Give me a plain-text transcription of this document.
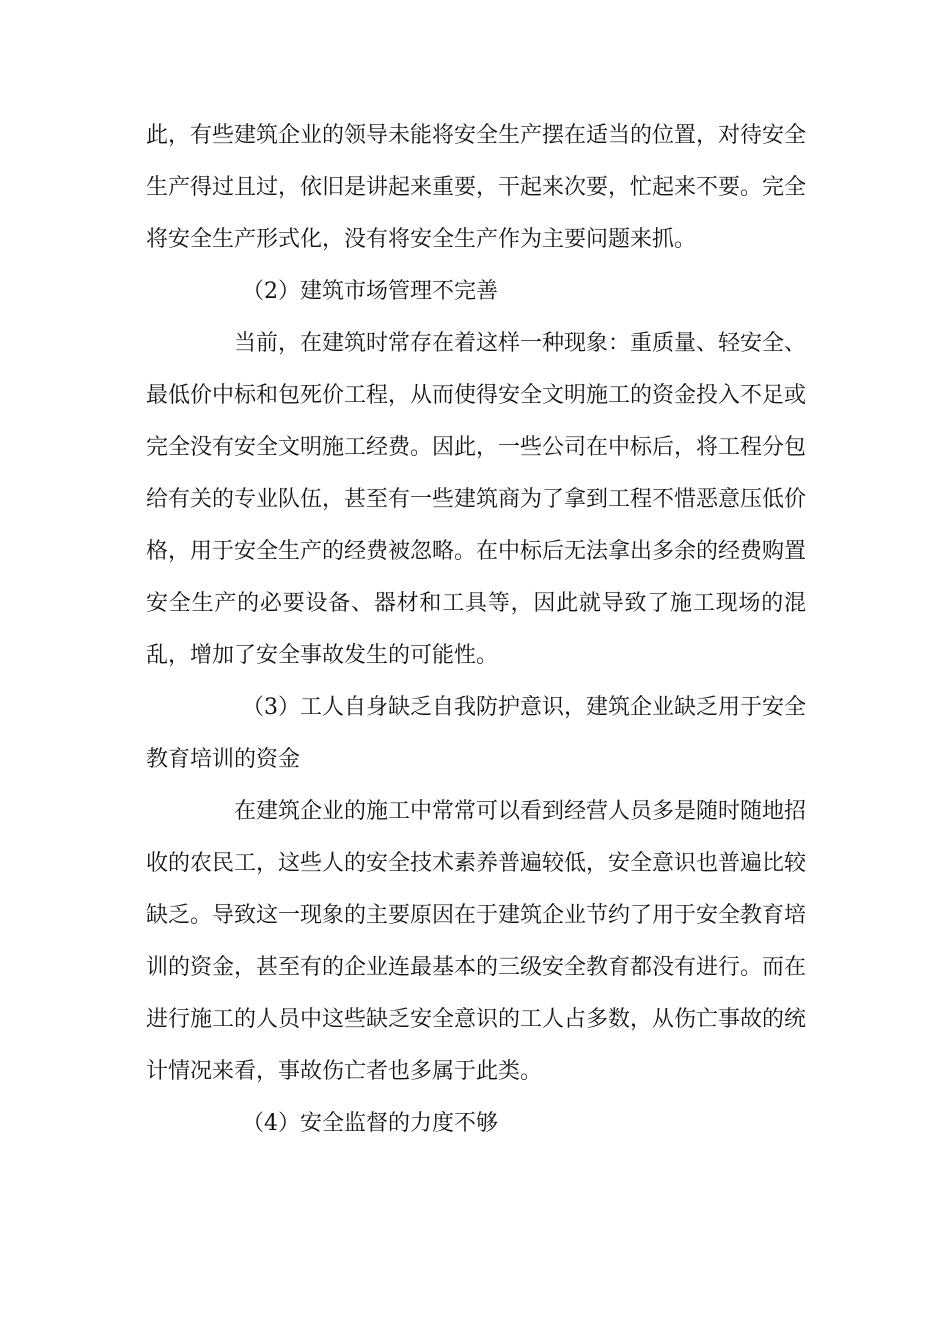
此，有些建筑企业的领导未能将安全生产摆在适当的位置，对待安全生产得过且过，依旧是讲起来重要，干起来次要，忙起来不要。完全将安全生产形式化，没有将安全生产作为主要问题来抓。

（2）建筑市场管理不完善

当前，在建筑时常存在着这样一种现象：重质量、轻安全、最低价中标和包死价工程，从而使得安全文明施工的资金投入不足或完全没有安全文明施工经费。因此，一些公司在中标后，将工程分包给有关的专业队伍，甚至有一些建筑商为了拿到工程不惜恶意压低价格，用于安全生产的经费被忽略。在中标后无法拿出多余的经费购置安全生产的必要设备、器材和工具等，因此就导致了施工现场的混乱，增加了安全事故发生的可能性。

（3）工人自身缺乏自我防护意识，建筑企业缺乏用于安全教育培训的资金

在建筑企业的施工中常常可以看到经营人员多是随时随地招收的农民工，这些人的安全技术素养普遍较低，安全意识也普遍比较缺乏。导致这一现象的主要原因在于建筑企业节约了用于安全教育培训的资金，甚至有的企业连最基本的三级安全教育都没有进行。而在进行施工的人员中这些缺乏安全意识的工人占多数，从伤亡事故的统计情况来看，事故伤亡者也多属于此类。

（4）安全监督的力度不够
